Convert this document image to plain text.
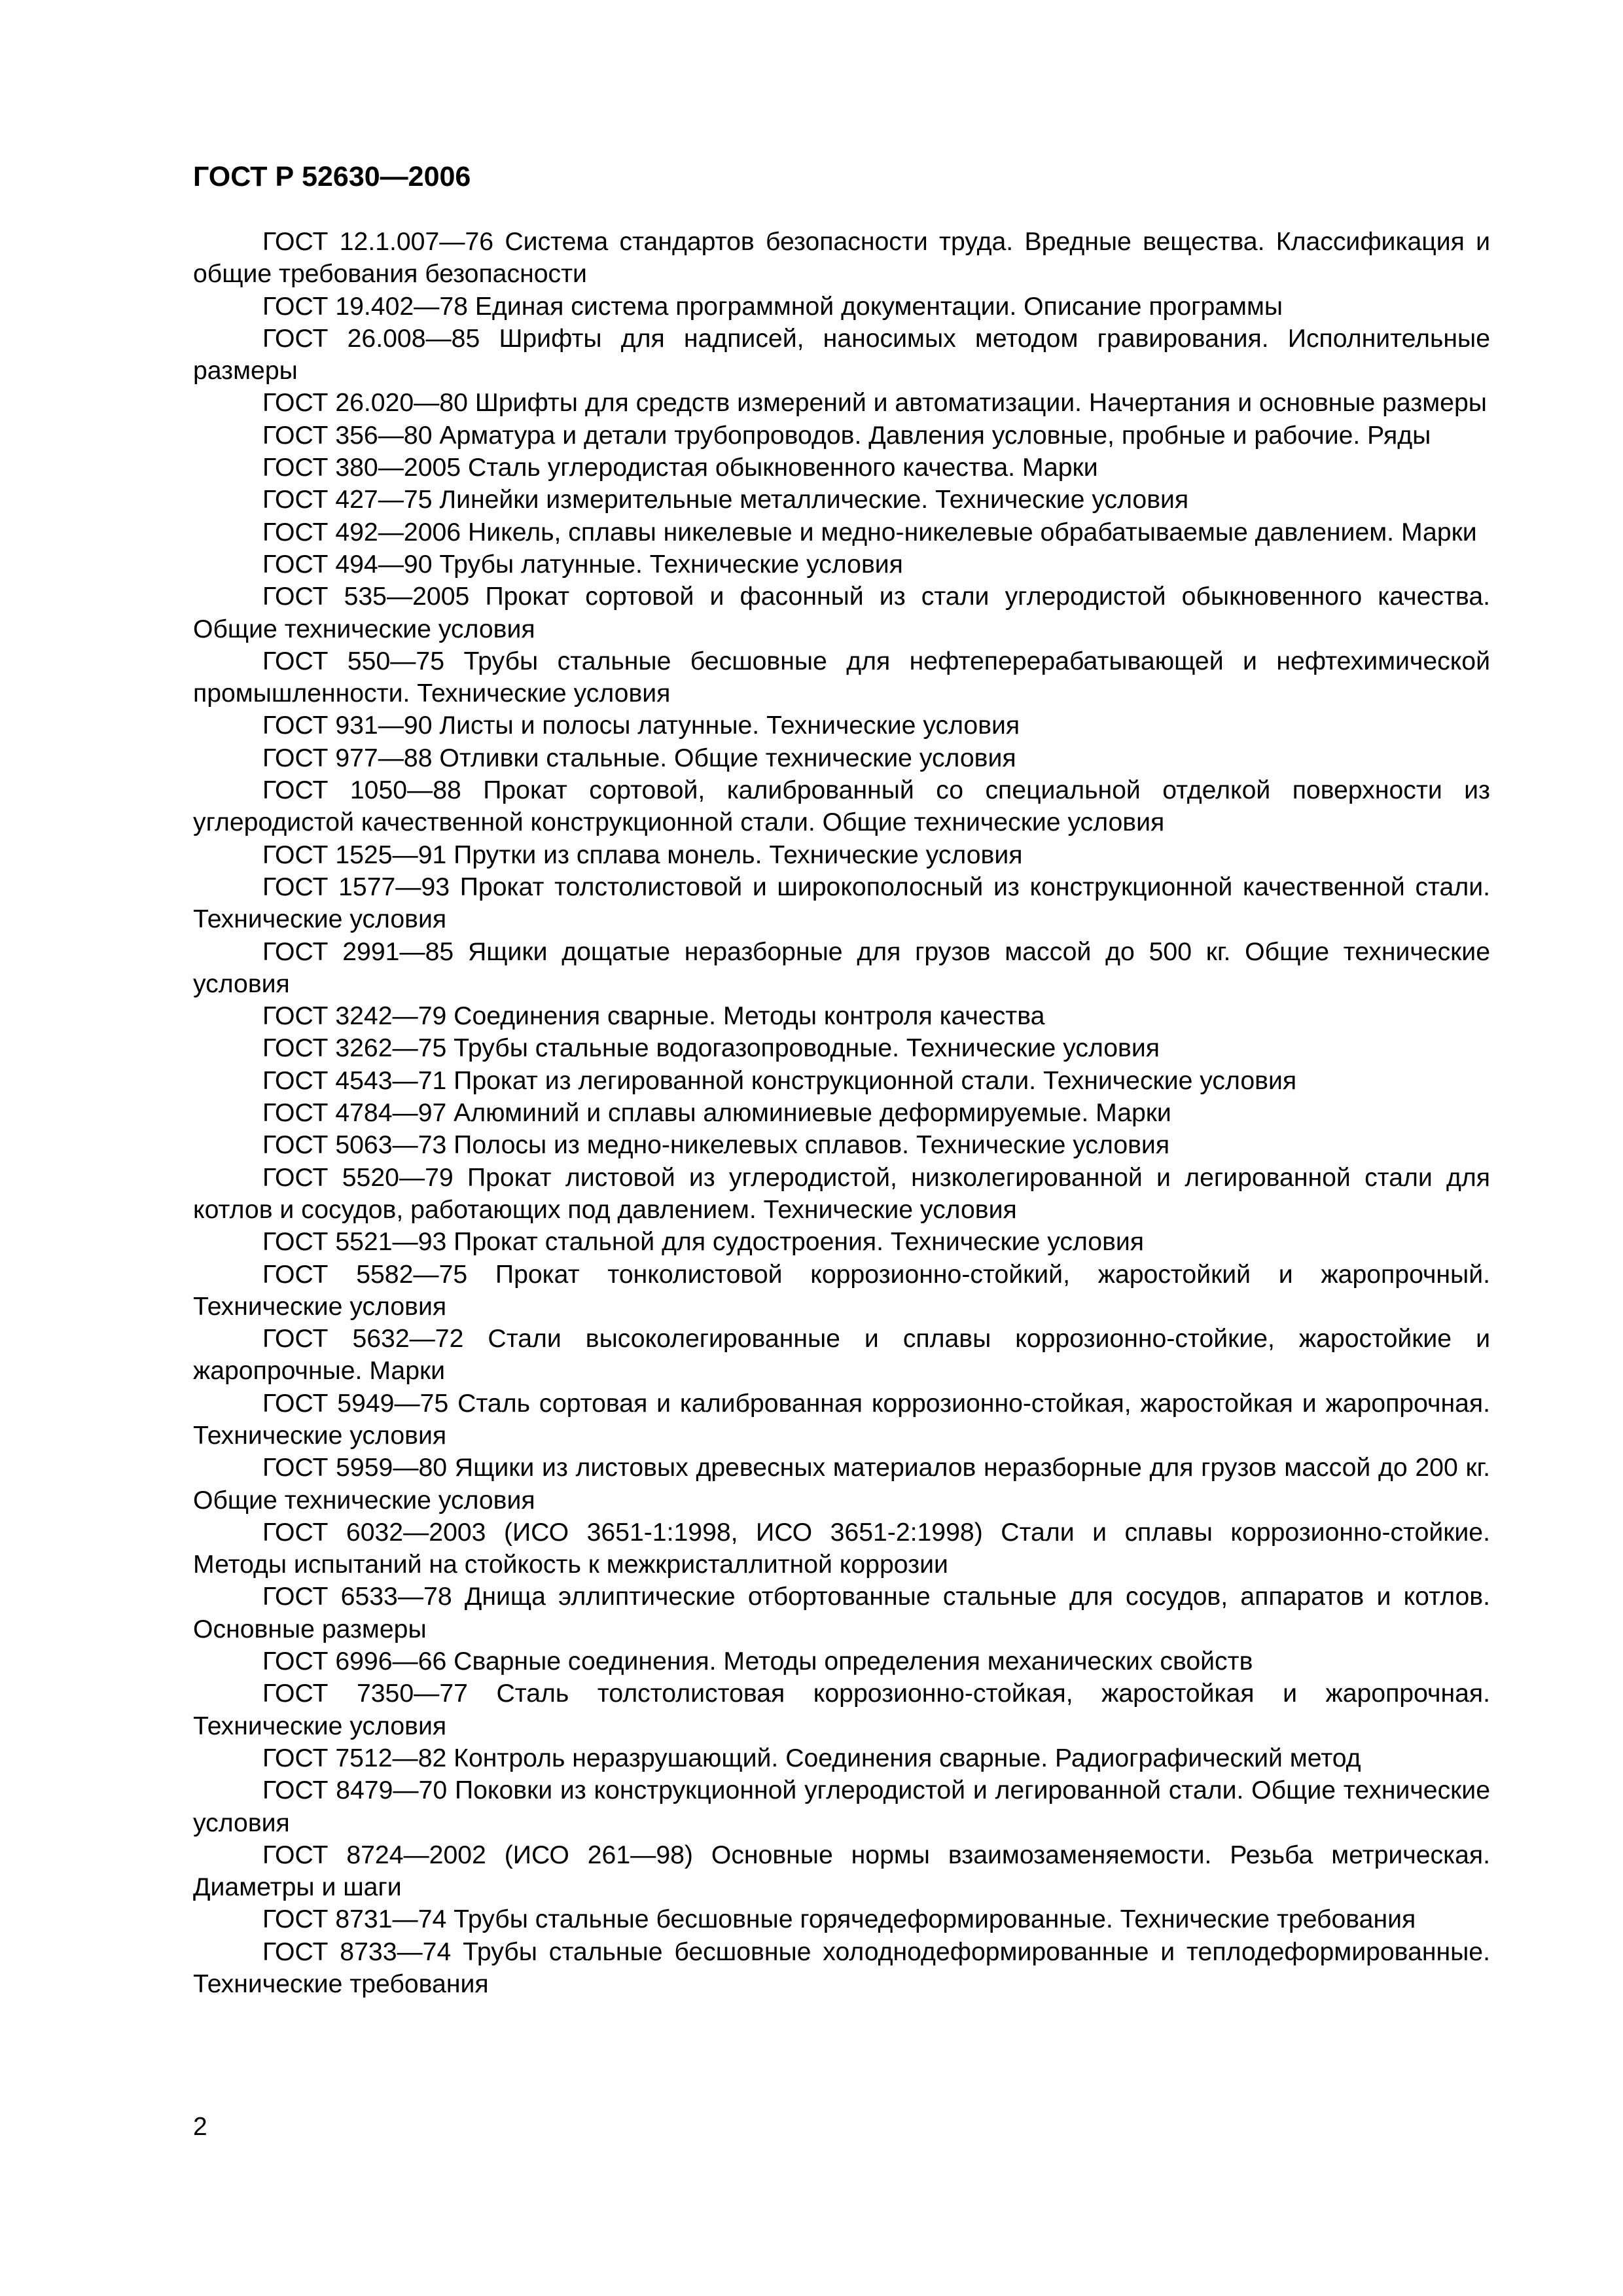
ГОСТ Р 52630—2006
ГОСТ 12.1.007—76 Система стандартов безопасности труда. Вредные вещества. Классификация и общие требования безопасности
ГОСТ 19.402—78 Единая система программной документации. Описание программы
ГОСТ 26.008—85 Шрифты для надписей, наносимых методом гравирования. Исполнительные размеры
ГОСТ 26.020—80 Шрифты для средств измерений и автоматизации. Начертания и основные размеры
ГОСТ 356—80 Арматура и детали трубопроводов. Давления условные, пробные и рабочие. Ряды
ГОСТ 380—2005 Сталь углеродистая обыкновенного качества. Марки
ГОСТ 427—75 Линейки измерительные металлические. Технические условия
ГОСТ 492—2006 Никель, сплавы никелевые и медно-никелевые обрабатываемые давлением. Марки
ГОСТ 494—90 Трубы латунные. Технические условия
ГОСТ 535—2005 Прокат сортовой и фасонный из стали углеродистой обыкновенного качества. Общие технические условия
ГОСТ 550—75 Трубы стальные бесшовные для нефтеперерабатывающей и нефтехимической промышленности. Технические условия
ГОСТ 931—90 Листы и полосы латунные. Технические условия
ГОСТ 977—88 Отливки стальные. Общие технические условия
ГОСТ 1050—88 Прокат сортовой, калиброванный со специальной отделкой поверхности из углеродистой качественной конструкционной стали. Общие технические условия
ГОСТ 1525—91 Прутки из сплава монель. Технические условия
ГОСТ 1577—93 Прокат толстолистовой и широкополосный из конструкционной качественной стали. Технические условия
ГОСТ 2991—85 Ящики дощатые неразборные для грузов массой до 500 кг. Общие технические условия
ГОСТ 3242—79 Соединения сварные. Методы контроля качества
ГОСТ 3262—75 Трубы стальные водогазопроводные. Технические условия
ГОСТ 4543—71 Прокат из легированной конструкционной стали. Технические условия
ГОСТ 4784—97 Алюминий и сплавы алюминиевые деформируемые. Марки
ГОСТ 5063—73 Полосы из медно-никелевых сплавов. Технические условия
ГОСТ 5520—79 Прокат листовой из углеродистой, низколегированной и легированной стали для котлов и сосудов, работающих под давлением. Технические условия
ГОСТ 5521—93 Прокат стальной для судостроения. Технические условия
ГОСТ 5582—75 Прокат тонколистовой коррозионно-стойкий, жаростойкий и жаропрочный. Технические условия
ГОСТ 5632—72 Стали высоколегированные и сплавы коррозионно-стойкие, жаростойкие и жаропрочные. Марки
ГОСТ 5949—75 Сталь сортовая и калиброванная коррозионно-стойкая, жаростойкая и жаропрочная. Технические условия
ГОСТ 5959—80 Ящики из листовых древесных материалов неразборные для грузов массой до 200 кг. Общие технические условия
ГОСТ 6032—2003 (ИСО 3651-1:1998, ИСО 3651-2:1998) Стали и сплавы коррозионно-стойкие. Методы испытаний на стойкость к межкристаллитной коррозии
ГОСТ 6533—78 Днища эллиптические отбортованные стальные для сосудов, аппаратов и котлов. Основные размеры
ГОСТ 6996—66 Сварные соединения. Методы определения механических свойств
ГОСТ 7350—77 Сталь толстолистовая коррозионно-стойкая, жаростойкая и жаропрочная. Технические условия
ГОСТ 7512—82 Контроль неразрушающий. Соединения сварные. Радиографический метод
ГОСТ 8479—70 Поковки из конструкционной углеродистой и легированной стали. Общие технические условия
ГОСТ 8724—2002 (ИСО 261—98) Основные нормы взаимозаменяемости. Резьба метрическая. Диаметры и шаги
ГОСТ 8731—74 Трубы стальные бесшовные горячедеформированные. Технические требования
ГОСТ 8733—74 Трубы стальные бесшовные холоднодеформированные и теплодеформированные. Технические требования
2
